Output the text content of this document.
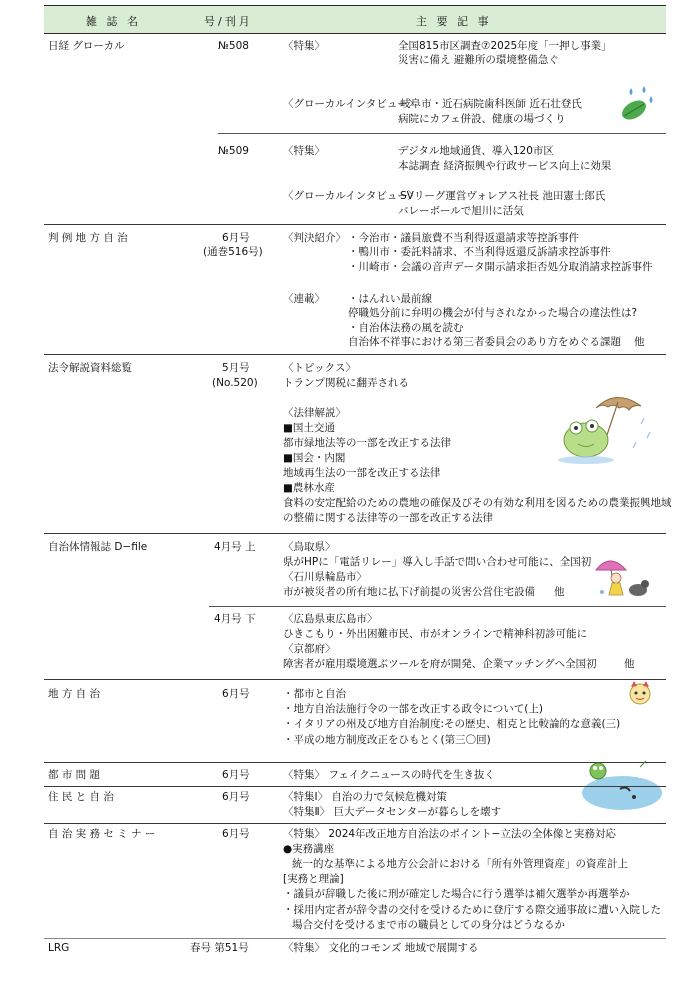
雑 誌 名	号/刊月	主 要 記 事
日経 グローカル	№508	〈特集〉	全国815市区調査⑦2025年度「一押し事業」
災害に備え 避難所の環境整備急ぐ
〈グローカルインタビュー〉
岐阜市・近石病院歯科医師 近石壮登氏
病院にカフェ併設、健康の場づくり
№509	〈特集〉	デジタル地域通貨、導入120市区
本誌調査 経済振興や行政サービス向上に効果
〈グローカルインタビュー〉
SVリーグ運営ヴォレアス社長 池田憲士郎氏
バレーボールで旭川に活気
判 例 地 方 自 治	6月号
(通巻516号)
〈判決紹介〉 ・今治市・議員旅費不当利得返還請求等控訴事件
・鴨川市・委託料請求、不当利得返還反訴請求控訴事件
・川崎市・会議の音声データ開示請求拒否処分取消請求控訴事件
〈連載〉 ・はんれい最前線
停職処分前に弁明の機会が付与されなかった場合の違法性は?
・自治体法務の風を読む
自治体不祥事における第三者委員会のあり方をめぐる課題 他
法令解説資料総覧	5月号
(No.520)
〈トピックス〉
トランプ関税に翻弄される
〈法律解説〉
■国土交通
都市緑地法等の一部を改正する法律
■国会・内閣
地域再生法の一部を改正する法律
■農林水産
食料の安定配給のための農地の確保及びその有効な利用を図るための農業振興地域
の整備に関する法律等の一部を改正する法律
自治体情報誌 D−file	4月号 上	〈鳥取県〉
県がHPに「電話リレー」導入し手話で問い合わせ可能に、全国初
〈石川県輪島市〉
市が被災者の所有地に払下げ前提の災害公営住宅設備 他
4月号 下	〈広島県東広島市〉
ひきこもり・外出困難市民、市がオンラインで精神科初診可能に
〈京都府〉
障害者が雇用環境選ぶツールを府が開発、企業マッチングへ全国初	他
地 方 自 治	6月号	・都市と自治
・地方自治法施行令の一部を改正する政令について(上)
・イタリアの州及び地方自治制度:その歴史、相克と比較論的な意義(三)
・平成の地方制度改正をひもとく(第三〇回)
都 市 問 題	6月号	〈特集〉 フェイクニュースの時代を生き抜く
住 民 と 自 治	6月号	〈特集Ⅰ〉 自治の力で気候危機対策
〈特集Ⅱ〉 巨大データセンターが暮らしを壊す
自 治 実 務 セ ミ ナ ー	6月号	〈特集〉 2024年改正地方自治法のポイント−立法の全体像と実務対応
●実務講座
統一的な基準による地方公会計における「所有外管理資産」の資産計上
[実務と理論]
・議員が辞職した後に刑が確定した場合に行う選挙は補欠選挙か再選挙か
・採用内定者が辞令書の交付を受けるために登庁する際交通事故に遭い入院した
場合交付を受けるまで市の職員としての身分はどうなるか
LRG	春号 第51号	〈特集〉 文化的コモンズ 地域で展開する
